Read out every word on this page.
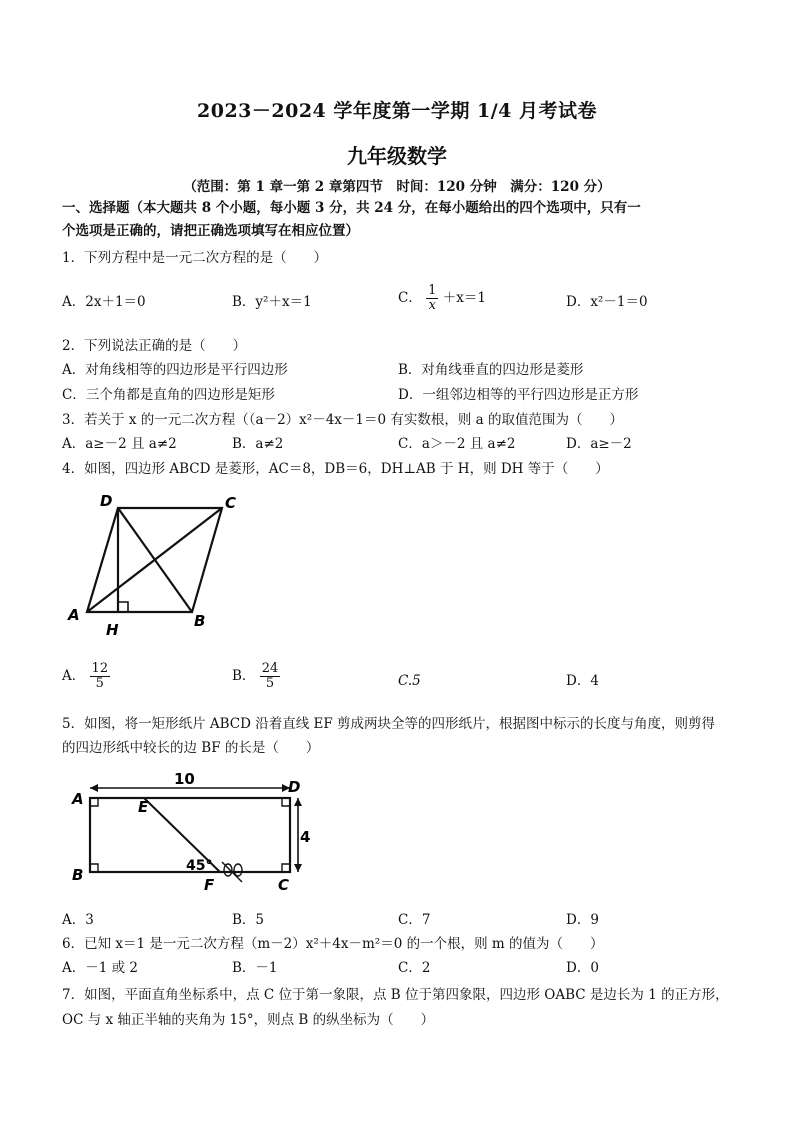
2023－2024 学年度第一学期 1/4 月考试卷
九年级数学
（范围：第 1 章一第 2 章第四节　时间：120 分钟　满分：120 分）
一、选择题（本大题共 8 个小题，每小题 3 分，共 24 分，在每小题给出的四个选项中，只有一
个选项是正确的，请把正确选项填写在相应位置）
1．下列方程中是一元二次方程的是（　　）
A．2x＋1＝0	B．y²＋x＝1	C． $\frac{1}{x} +x=1$	D．x²－1＝0
2．下列说法正确的是（　　）
A．对角线相等的四边形是平行四边形	B．对角线垂直的四边形是菱形
C．三个角都是直角的四边形是矩形	D．一组邻边相等的平行四边形是正方形
3．若关于 x 的一元二次方程（（a－2）x²－4x－1＝0 有实数根，则 a 的取值范围为（　　）
A．a≥－2 且 a≠2	B．a≠2	C．a＞－2 且 a≠2	D．a≥－2
4．如图，四边形 ABCD 是菱形，AC＝8，DB＝6，DH⊥AB 于 H，则 DH 等于（　　）
D	C
A	B
H
A． $\frac{12}{5}$	B． $\frac{24}{5}$	C.5	D．4
5．如图，将一矩形纸片 ABCD 沿着直线 EF 剪成两块全等的四形纸片，根据图中标示的长度与角度，则剪得
的四边形纸中较长的边 BF 的长是（　　）
10
4
45°
A
D
B
C
E
F
A．3	B．5	C．7	D．9
6．已知 x＝1 是一元二次方程（m－2）x²＋4x－m²＝0 的一个根，则 m 的值为（　　）
A．－1 或 2	B．－1	C．2	D．0
7．如图，平面直角坐标系中，点 C 位于第一象限，点 B 位于第四象限，四边形 OABC 是边长为 1 的正方形，
OC 与 x 轴正半轴的夹角为 15°，则点 B 的纵坐标为（　　）
